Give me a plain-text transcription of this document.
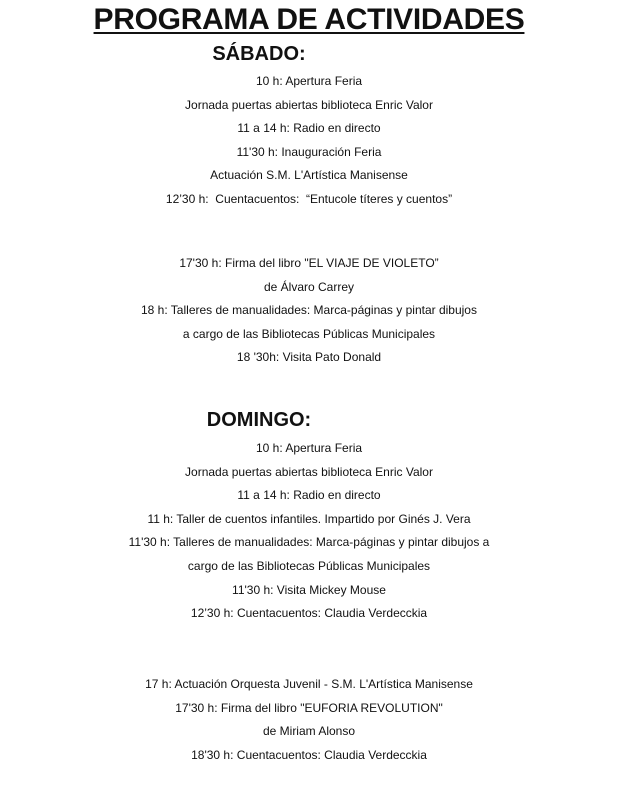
PROGRAMA DE ACTIVIDADES
SÁBADO:
10 h: Apertura Feria
Jornada puertas abiertas biblioteca Enric Valor
11 a 14 h: Radio en directo
11'30 h: Inauguración Feria
Actuación S.M. L'Artística Manisense
12’30 h:  Cuentacuentos:  “Entucole títeres y cuentos”
17'30 h: Firma del libro "EL VIAJE DE VIOLETO”
de Álvaro Carrey
18 h: Talleres de manualidades: Marca-páginas y pintar dibujos
a cargo de las Bibliotecas Públicas Municipales
18 '30h: Visita Pato Donald
DOMINGO:
10 h: Apertura Feria
Jornada puertas abiertas biblioteca Enric Valor
11 a 14 h: Radio en directo
11 h: Taller de cuentos infantiles. Impartido por Ginés J. Vera
11'30 h: Talleres de manualidades: Marca-páginas y pintar dibujos a
cargo de las Bibliotecas Públicas Municipales
11'30 h: Visita Mickey Mouse
12’30 h: Cuentacuentos: Claudia Verdecckia
17 h: Actuación Orquesta Juvenil - S.M. L'Artística Manisense
17'30 h: Firma del libro "EUFORIA REVOLUTION"
de Miriam Alonso
18'30 h: Cuentacuentos: Claudia Verdecckia
